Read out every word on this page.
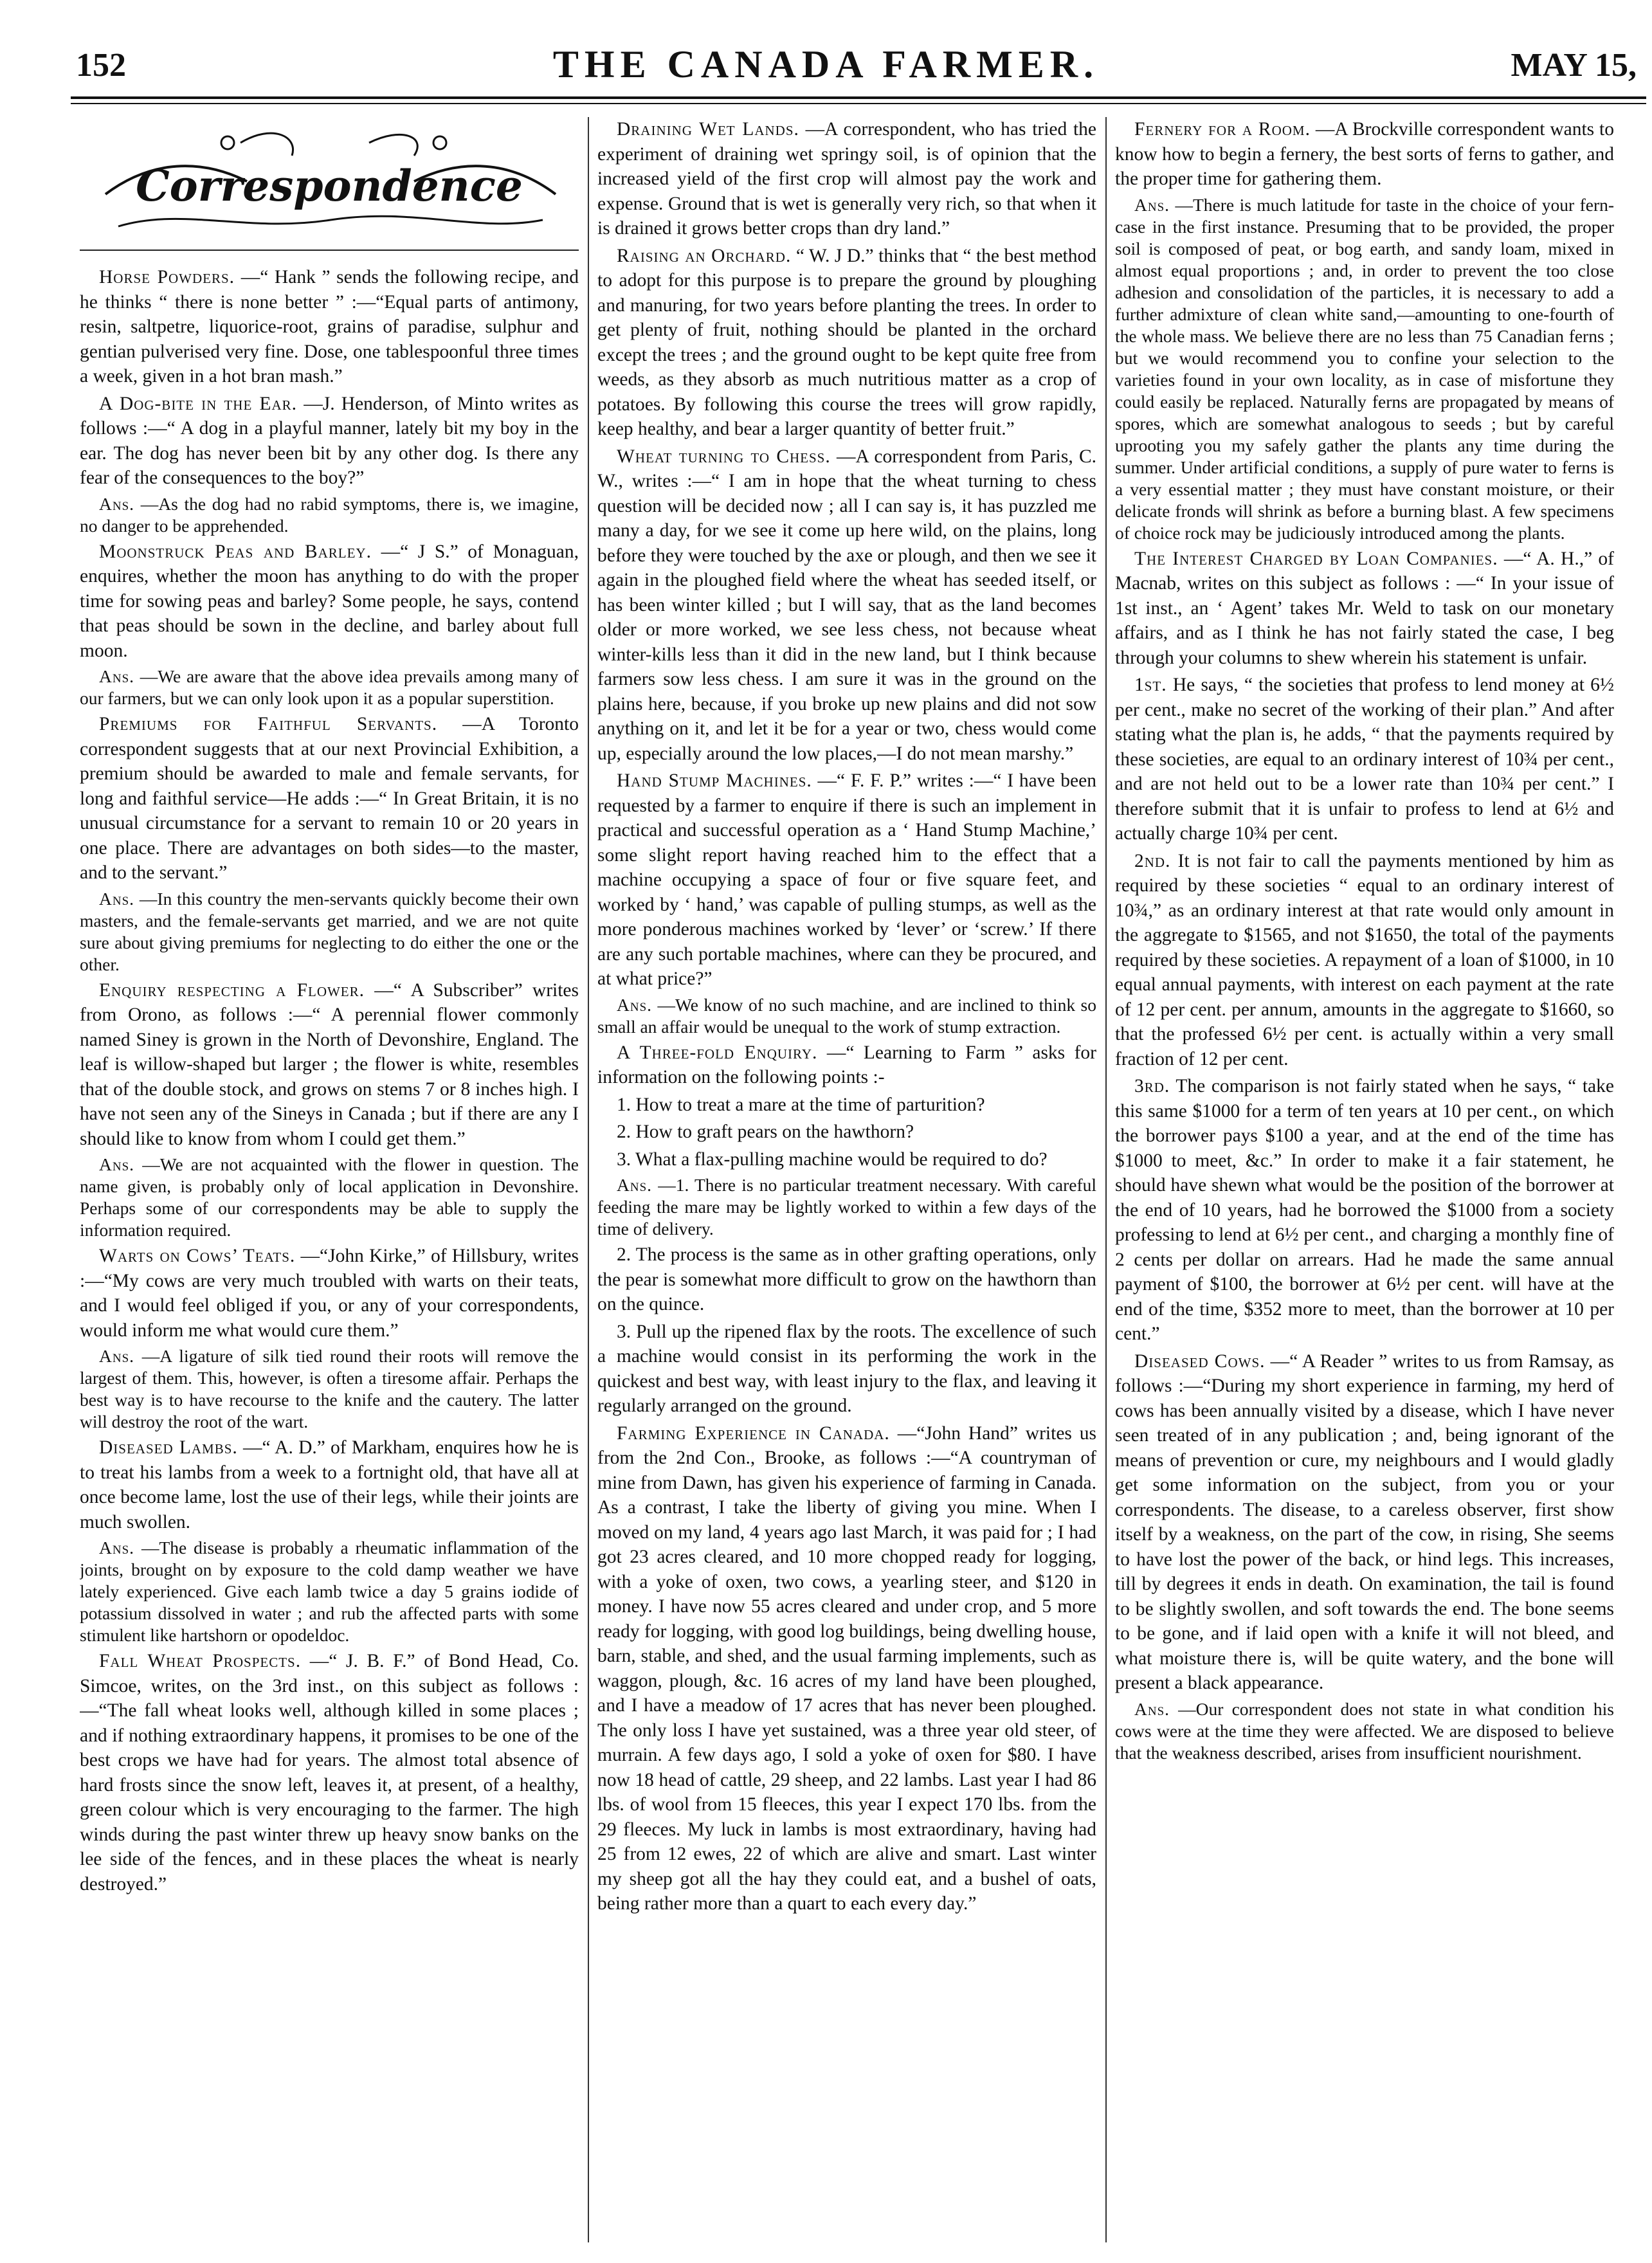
152	THE CANADA FARMER.	MAY 15,
Correspondence

Horse Powders. —“ Hank ” sends the following recipe, and he thinks “ there is none better ” :—“Equal parts of antimony, resin, saltpetre, liquorice-root, grains of paradise, sulphur and gentian pulverised very fine. Dose, one tablespoonful three times a week, given in a hot bran mash.”

A Dog-bite in the Ear. —J. Henderson, of Minto writes as follows :—“ A dog in a playful manner, lately bit my boy in the ear. The dog has never been bit by any other dog. Is there any fear of the consequences to the boy?”

Ans. —As the dog had no rabid symptoms, there is, we imagine, no danger to be apprehended.

Moonstruck Peas and Barley. —“ J S.” of Monaguan, enquires, whether the moon has anything to do with the proper time for sowing peas and barley? Some people, he says, contend that peas should be sown in the decline, and barley about full moon.

Ans. —We are aware that the above idea prevails among many of our farmers, but we can only look upon it as a popular superstition.

Premiums for Faithful Servants. —A Toronto correspondent suggests that at our next Provincial Exhibition, a premium should be awarded to male and female servants, for long and faithful service—He adds :—“ In Great Britain, it is no unusual circumstance for a servant to remain 10 or 20 years in one place. There are advantages on both sides—to the master, and to the servant.”

Ans. —In this country the men-servants quickly become their own masters, and the female-servants get married, and we are not quite sure about giving premiums for neglecting to do either the one or the other.

Enquiry respecting a Flower. —“ A Subscriber” writes from Orono, as follows :—“ A perennial flower commonly named Siney is grown in the North of Devonshire, England. The leaf is willow-shaped but larger ; the flower is white, resembles that of the double stock, and grows on stems 7 or 8 inches high. I have not seen any of the Sineys in Canada ; but if there are any I should like to know from whom I could get them.”

Ans. —We are not acquainted with the flower in question. The name given, is probably only of local application in Devonshire. Perhaps some of our correspondents may be able to supply the information required.

Warts on Cows’ Teats. —“John Kirke,” of Hillsbury, writes :—“My cows are very much troubled with warts on their teats, and I would feel obliged if you, or any of your correspondents, would inform me what would cure them.”

Ans. —A ligature of silk tied round their roots will remove the largest of them. This, however, is often a tiresome affair. Perhaps the best way is to have recourse to the knife and the cautery. The latter will destroy the root of the wart.

Diseased Lambs. —“ A. D.” of Markham, enquires how he is to treat his lambs from a week to a fortnight old, that have all at once become lame, lost the use of their legs, while their joints are much swollen.

Ans. —The disease is probably a rheumatic inflammation of the joints, brought on by exposure to the cold damp weather we have lately experienced. Give each lamb twice a day 5 grains iodide of potassium dissolved in water ; and rub the affected parts with some stimulent like hartshorn or opodeldoc.

Fall Wheat Prospects. —“ J. B. F.” of Bond Head, Co. Simcoe, writes, on the 3rd inst., on this subject as follows :—“The fall wheat looks well, although killed in some places ; and if nothing extraordinary happens, it promises to be one of the best crops we have had for years. The almost total absence of hard frosts since the snow left, leaves it, at present, of a healthy, green colour which is very encouraging to the farmer. The high winds during the past winter threw up heavy snow banks on the lee side of the fences, and in these places the wheat is nearly destroyed.”

Draining Wet Lands. —A correspondent, who has tried the experiment of draining wet springy soil, is of opinion that the increased yield of the first crop will almost pay the work and expense. Ground that is wet is generally very rich, so that when it is drained it grows better crops than dry land.”

Raising an Orchard. “ W. J D.” thinks that “ the best method to adopt for this purpose is to prepare the ground by ploughing and manuring, for two years before planting the trees. In order to get plenty of fruit, nothing should be planted in the orchard except the trees ; and the ground ought to be kept quite free from weeds, as they absorb as much nutritious matter as a crop of potatoes. By following this course the trees will grow rapidly, keep healthy, and bear a larger quantity of better fruit.”

Wheat turning to Chess. —A correspondent from Paris, C. W., writes :—“ I am in hope that the wheat turning to chess question will be decided now ; all I can say is, it has puzzled me many a day, for we see it come up here wild, on the plains, long before they were touched by the axe or plough, and then we see it again in the ploughed field where the wheat has seeded itself, or has been winter killed ; but I will say, that as the land becomes older or more worked, we see less chess, not because wheat winter-kills less than it did in the new land, but I think because farmers sow less chess. I am sure it was in the ground on the plains here, because, if you broke up new plains and did not sow anything on it, and let it be for a year or two, chess would come up, especially around the low places,—I do not mean marshy.”

Hand Stump Machines. —“ F. F. P.” writes :—“ I have been requested by a farmer to enquire if there is such an implement in practical and successful operation as a ‘ Hand Stump Machine,’ some slight report having reached him to the effect that a machine occupying a space of four or five square feet, and worked by ‘ hand,’ was capable of pulling stumps, as well as the more ponderous machines worked by ‘lever’ or ‘screw.’ If there are any such portable machines, where can they be procured, and at what price?”

Ans. —We know of no such machine, and are inclined to think so small an affair would be unequal to the work of stump extraction.

A Three-fold Enquiry. —“ Learning to Farm ” asks for information on the following points :-

1. How to treat a mare at the time of parturition?

2. How to graft pears on the hawthorn?

3. What a flax-pulling machine would be required to do?

Ans. —1. There is no particular treatment necessary. With careful feeding the mare may be lightly worked to within a few days of the time of delivery.

2. The process is the same as in other grafting operations, only the pear is somewhat more difficult to grow on the hawthorn than on the quince.

3. Pull up the ripened flax by the roots. The excellence of such a machine would consist in its performing the work in the quickest and best way, with least injury to the flax, and leaving it regularly arranged on the ground.

Farming Experience in Canada. —“John Hand” writes us from the 2nd Con., Brooke, as follows :—“A countryman of mine from Dawn, has given his experience of farming in Canada. As a contrast, I take the liberty of giving you mine. When I moved on my land, 4 years ago last March, it was paid for ; I had got 23 acres cleared, and 10 more chopped ready for logging, with a yoke of oxen, two cows, a yearling steer, and $120 in money. I have now 55 acres cleared and under crop, and 5 more ready for logging, with good log buildings, being dwelling house, barn, stable, and shed, and the usual farming implements, such as waggon, plough, &c. 16 acres of my land have been ploughed, and I have a meadow of 17 acres that has never been ploughed. The only loss I have yet sustained, was a three year old steer, of murrain. A few days ago, I sold a yoke of oxen for $80. I have now 18 head of cattle, 29 sheep, and 22 lambs. Last year I had 86 lbs. of wool from 15 fleeces, this year I expect 170 lbs. from the 29 fleeces. My luck in lambs is most extraordinary, having had 25 from 12 ewes, 22 of which are alive and smart. Last winter my sheep got all the hay they could eat, and a bushel of oats, being rather more than a quart to each every day.”

Fernery for a Room. —A Brockville correspondent wants to know how to begin a fernery, the best sorts of ferns to gather, and the proper time for gathering them.

Ans. —There is much latitude for taste in the choice of your fern-case in the first instance. Presuming that to be provided, the proper soil is composed of peat, or bog earth, and sandy loam, mixed in almost equal proportions ; and, in order to prevent the too close adhesion and consolidation of the particles, it is necessary to add a further admixture of clean white sand,—amounting to one-fourth of the whole mass. We believe there are no less than 75 Canadian ferns ; but we would recommend you to confine your selection to the varieties found in your own locality, as in case of misfortune they could easily be replaced. Naturally ferns are propagated by means of spores, which are somewhat analogous to seeds ; but by careful uprooting you my safely gather the plants any time during the summer. Under artificial conditions, a supply of pure water to ferns is a very essential matter ; they must have constant moisture, or their delicate fronds will shrink as before a burning blast. A few specimens of choice rock may be judiciously introduced among the plants.

The Interest Charged by Loan Companies. —“ A. H.,” of Macnab, writes on this subject as follows : —“ In your issue of 1st inst., an ‘ Agent’ takes Mr. Weld to task on our monetary affairs, and as I think he has not fairly stated the case, I beg through your columns to shew wherein his statement is unfair.

1st. He says, “ the societies that profess to lend money at 6½ per cent., make no secret of the working of their plan.” And after stating what the plan is, he adds, “ that the payments required by these societies, are equal to an ordinary interest of 10¾ per cent., and are not held out to be a lower rate than 10¾ per cent.” I therefore submit that it is unfair to profess to lend at 6½ and actually charge 10¾ per cent.

2nd. It is not fair to call the payments mentioned by him as required by these societies “ equal to an ordinary interest of 10¾,” as an ordinary interest at that rate would only amount in the aggregate to $1565, and not $1650, the total of the payments required by these societies. A repayment of a loan of $1000, in 10 equal annual payments, with interest on each payment at the rate of 12 per cent. per annum, amounts in the aggregate to $1660, so that the professed 6½ per cent. is actually within a very small fraction of 12 per cent.

3rd. The comparison is not fairly stated when he says, “ take this same $1000 for a term of ten years at 10 per cent., on which the borrower pays $100 a year, and at the end of the time has $1000 to meet, &c.” In order to make it a fair statement, he should have shewn what would be the position of the borrower at the end of 10 years, had he borrowed the $1000 from a society professing to lend at 6½ per cent., and charging a monthly fine of 2 cents per dollar on arrears. Had he made the same annual payment of $100, the borrower at 6½ per cent. will have at the end of the time, $352 more to meet, than the borrower at 10 per cent.”

Diseased Cows. —“ A Reader ” writes to us from Ramsay, as follows :—“During my short experience in farming, my herd of cows has been annually visited by a disease, which I have never seen treated of in any publication ; and, being ignorant of the means of prevention or cure, my neighbours and I would gladly get some information on the subject, from you or your correspondents. The disease, to a careless observer, first show itself by a weakness, on the part of the cow, in rising, She seems to have lost the power of the back, or hind legs. This increases, till by degrees it ends in death. On examination, the tail is found to be slightly swollen, and soft towards the end. The bone seems to be gone, and if laid open with a knife it will not bleed, and what moisture there is, will be quite watery, and the bone will present a black appearance.

Ans. —Our correspondent does not state in what condition his cows were at the time they were affected. We are disposed to believe that the weakness described, arises from insufficient nourishment.
